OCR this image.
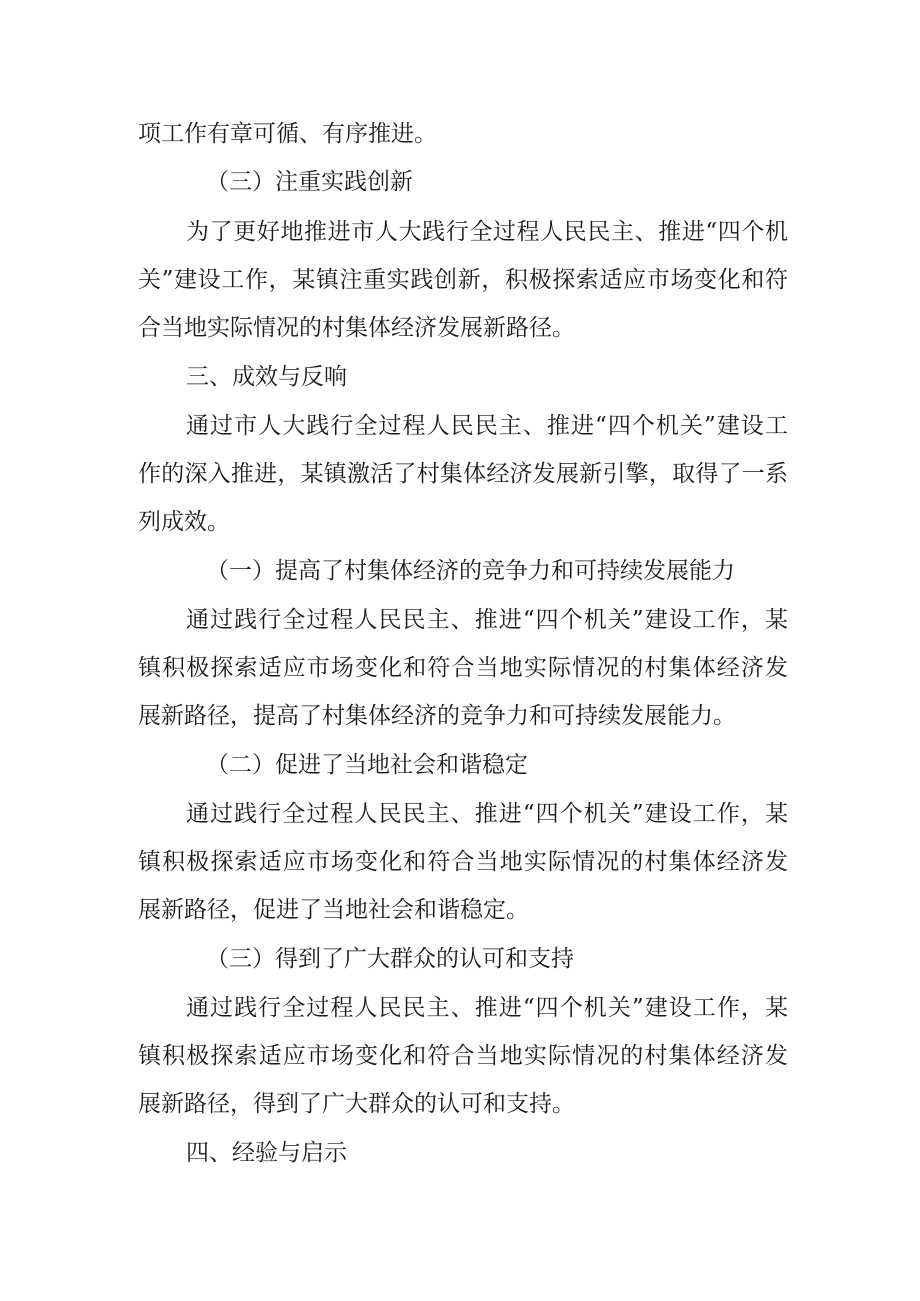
项工作有章可循、有序推进。
（三）注重实践创新
为了更好地推进市人大践行全过程人民民主、推进“四个机
关”建设工作，某镇注重实践创新，积极探索适应市场变化和符
合当地实际情况的村集体经济发展新路径。
三、成效与反响
通过市人大践行全过程人民民主、推进“四个机关”建设工
作的深入推进，某镇激活了村集体经济发展新引擎，取得了一系
列成效。
（一）提高了村集体经济的竞争力和可持续发展能力
通过践行全过程人民民主、推进“四个机关”建设工作，某
镇积极探索适应市场变化和符合当地实际情况的村集体经济发
展新路径，提高了村集体经济的竞争力和可持续发展能力。
（二）促进了当地社会和谐稳定
通过践行全过程人民民主、推进“四个机关”建设工作，某
镇积极探索适应市场变化和符合当地实际情况的村集体经济发
展新路径，促进了当地社会和谐稳定。
（三）得到了广大群众的认可和支持
通过践行全过程人民民主、推进“四个机关”建设工作，某
镇积极探索适应市场变化和符合当地实际情况的村集体经济发
展新路径，得到了广大群众的认可和支持。
四、经验与启示
